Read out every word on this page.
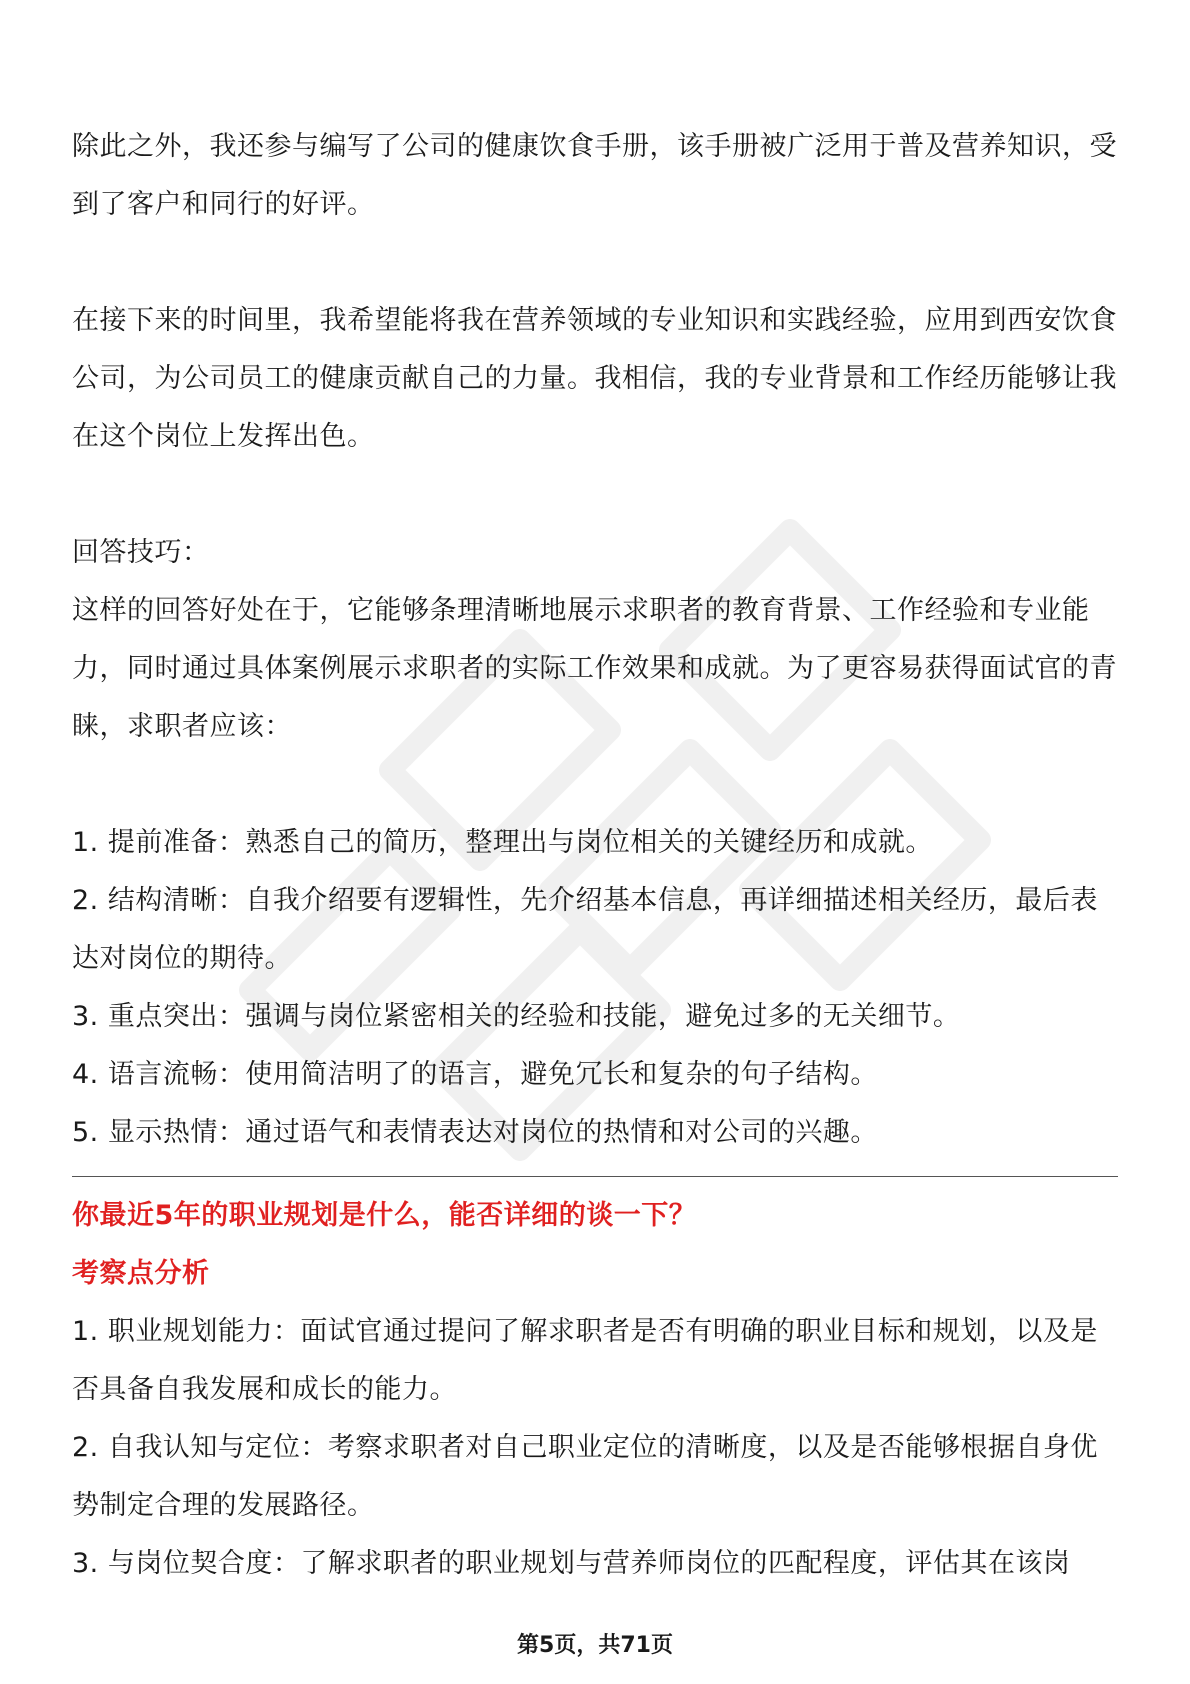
除此之外，我还参与编写了公司的健康饮食手册，该手册被广泛用于普及营养知识，受到了客户和同行的好评。

在接下来的时间里，我希望能将我在营养领域的专业知识和实践经验，应用到西安饮食公司，为公司员工的健康贡献自己的力量。我相信，我的专业背景和工作经历能够让我在这个岗位上发挥出色。

回答技巧：

这样的回答好处在于，它能够条理清晰地展示求职者的教育背景、工作经验和专业能力，同时通过具体案例展示求职者的实际工作效果和成就。为了更容易获得面试官的青睐，求职者应该：

1. 提前准备：熟悉自己的简历，整理出与岗位相关的关键经历和成就。

2. 结构清晰：自我介绍要有逻辑性，先介绍基本信息，再详细描述相关经历，最后表达对岗位的期待。

3. 重点突出：强调与岗位紧密相关的经验和技能，避免过多的无关细节。

4. 语言流畅：使用简洁明了的语言，避免冗长和复杂的句子结构。

5. 显示热情：通过语气和表情表达对岗位的热情和对公司的兴趣。

你最近5年的职业规划是什么，能否详细的谈一下？

考察点分析

1. 职业规划能力：面试官通过提问了解求职者是否有明确的职业目标和规划，以及是否具备自我发展和成长的能力。

2. 自我认知与定位：考察求职者对自己职业定位的清晰度，以及是否能够根据自身优势制定合理的发展路径。

3. 与岗位契合度：了解求职者的职业规划与营养师岗位的匹配程度，评估其在该岗

第5页，共71页
